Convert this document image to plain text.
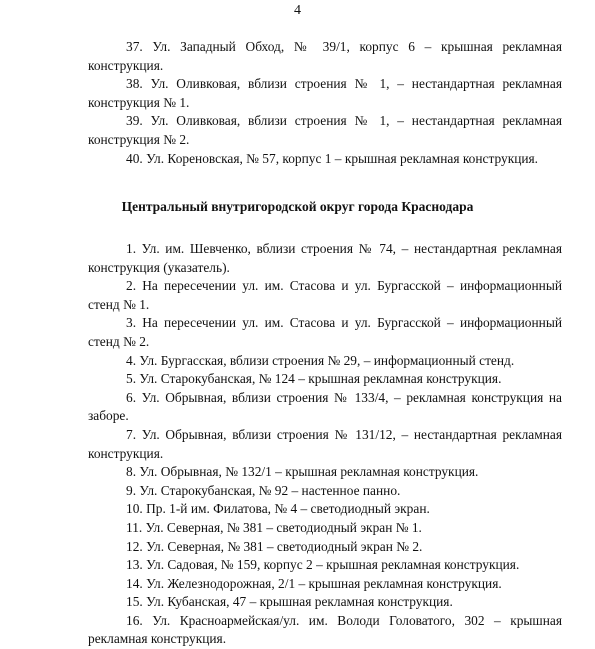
4

37. Ул. Западный Обход, № 39/1, корпус 6 – крышная рекламная конструкция.

38. Ул. Оливковая, вблизи строения № 1, – нестандартная рекламная конструкция № 1.

39. Ул. Оливковая, вблизи строения № 1, – нестандартная рекламная конструкция № 2.

40. Ул. Кореновская, № 57, корпус 1 – крышная рекламная конструкция.

Центральный внутригородской округ города Краснодара

1. Ул. им. Шевченко, вблизи строения № 74, – нестандартная рекламная конструкция (указатель).

2. На пересечении ул. им. Стасова и ул. Бургасской – информационный стенд № 1.

3. На пересечении ул. им. Стасова и ул. Бургасской – информационный стенд № 2.

4. Ул. Бургасская, вблизи строения № 29, – информационный стенд.

5. Ул. Старокубанская, № 124 – крышная рекламная конструкция.

6. Ул. Обрывная, вблизи строения № 133/4, – рекламная конструкция на заборе.

7. Ул. Обрывная, вблизи строения № 131/12, – нестандартная рекламная конструкция.

8. Ул. Обрывная, № 132/1 – крышная рекламная конструкция.

9. Ул. Старокубанская, № 92 – настенное панно.

10. Пр. 1-й им. Филатова, № 4 – светодиодный экран.

11. Ул. Северная, № 381 – светодиодный экран № 1.

12. Ул. Северная, № 381 – светодиодный экран № 2.

13. Ул. Садовая, № 159, корпус 2 – крышная рекламная конструкция.

14. Ул. Железнодорожная, 2/1 – крышная рекламная конструкция.

15. Ул. Кубанская, 47 – крышная рекламная конструкция.

16. Ул. Красноармейская/ул. им. Володи Головатого, 302 – крышная рекламная конструкция.
